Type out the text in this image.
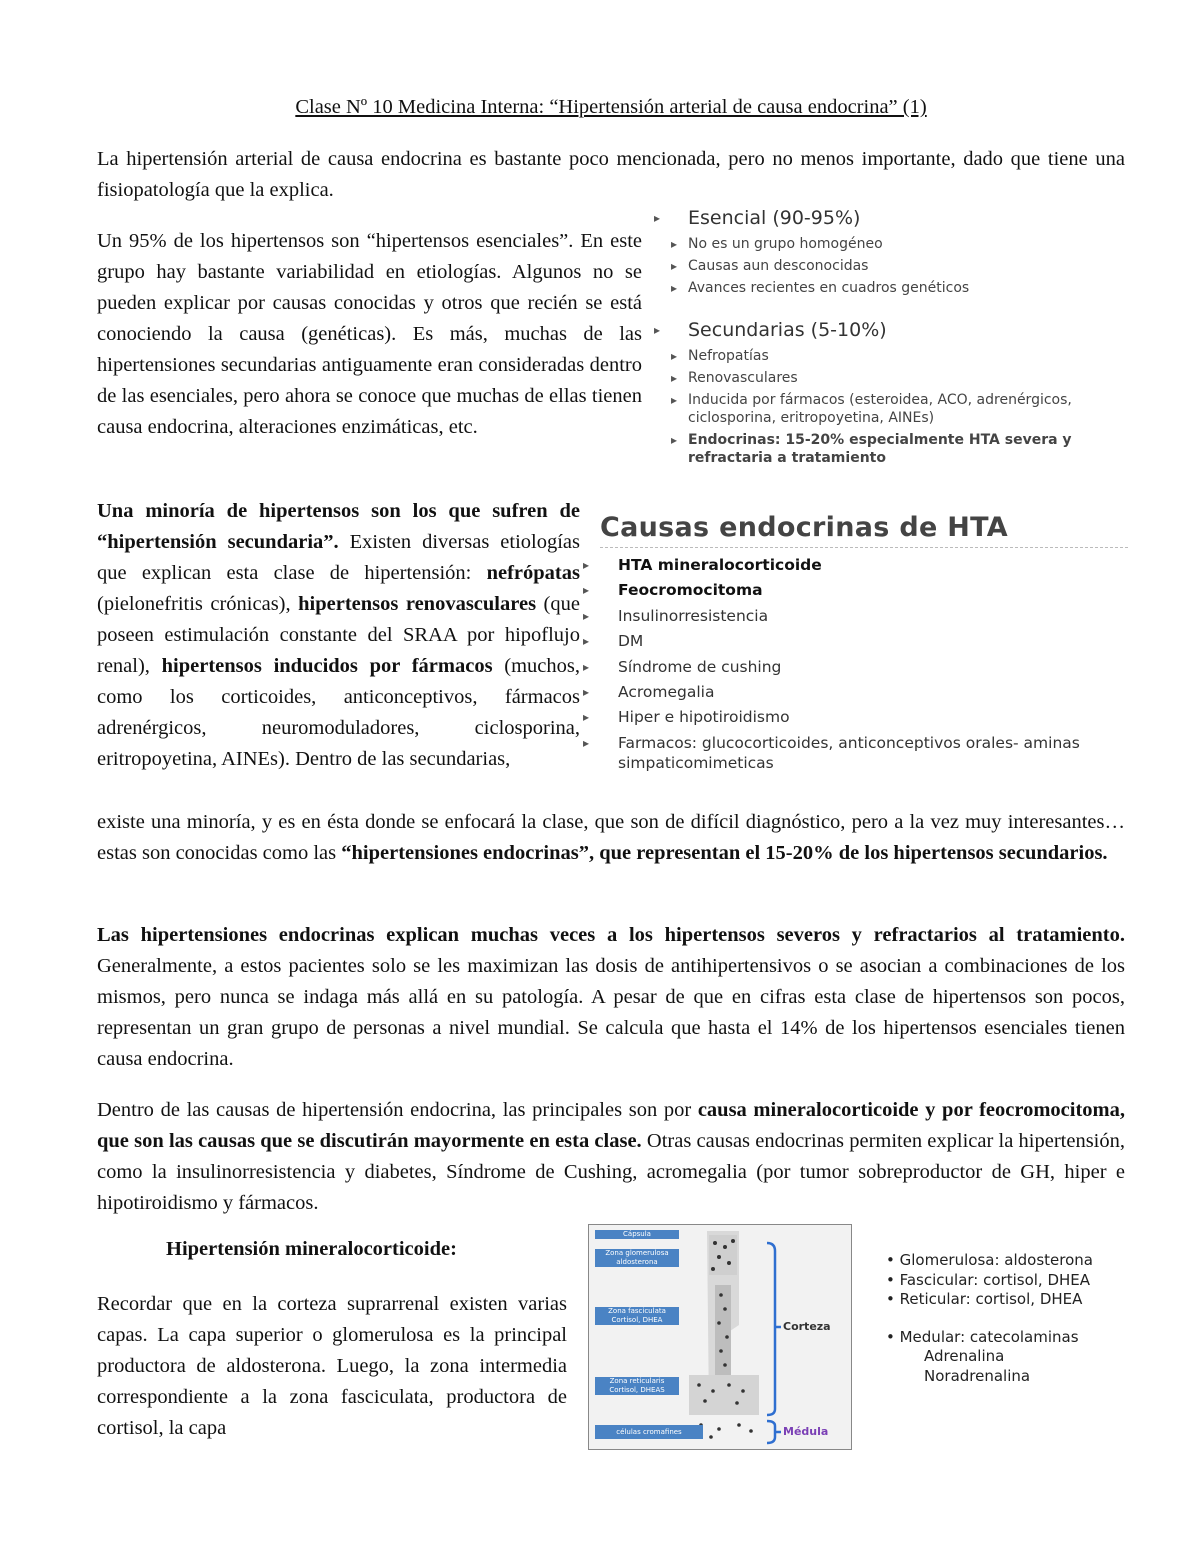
Clase Nº 10 Medicina Interna: “Hipertensión arterial de causa endocrina” (1)

La hipertensión arterial de causa endocrina es bastante poco mencionada, pero no menos importante, dado que tiene una fisiopatología que la explica.

Un 95% de los hipertensos son “hipertensos esenciales”. En este grupo hay bastante variabilidad en etiologías. Algunos no se pueden explicar por causas conocidas y otros que recién se está conociendo la causa (genéticas). Es más, muchas de las hipertensiones secundarias antiguamente eran consideradas dentro de las esenciales, pero ahora se conoce que muchas de ellas tienen causa endocrina, alteraciones enzimáticas, etc.

▸ Esencial (90-95%)
▸ No es un grupo homogéneo
▸ Causas aun desconocidas
▸ Avances recientes en cuadros genéticos
▸ Secundarias (5-10%)
▸ Nefropatías
▸ Renovasculares
▸ Inducida por fármacos (esteroidea, ACO, adrenérgicos, ciclosporina, eritropoyetina, AINEs)
▸ Endocrinas: 15-20% especialmente HTA severa y refractaria a tratamiento

Una minoría de hipertensos son los que sufren de “hipertensión secundaria”. Existen diversas etiologías que explican esta clase de hipertensión: nefrópatas (pielonefritis crónicas), hipertensos renovasculares (que poseen estimulación constante del SRAA por hipoflujo renal), hipertensos inducidos por fármacos (muchos, como los corticoides, anticonceptivos, fármacos adrenérgicos, neuromoduladores, ciclosporina, eritropoyetina, AINEs). Dentro de las secundarias,

Causas endocrinas de HTA
▸ HTA mineralocorticoide
▸ Feocromocitoma
▸ Insulinorresistencia
▸ DM
▸ Síndrome de cushing
▸ Acromegalia
▸ Hiper e hipotiroidismo
▸ Farmacos: glucocorticoides, anticonceptivos orales- aminas simpaticomimeticas

existe una minoría, y es en ésta donde se enfocará la clase, que son de difícil diagnóstico, pero a la vez muy interesantes…estas son conocidas como las “hipertensiones endocrinas”, que representan el 15-20% de los hipertensos secundarios.

Las hipertensiones endocrinas explican muchas veces a los hipertensos severos y refractarios al tratamiento. Generalmente, a estos pacientes solo se les maximizan las dosis de antihipertensivos o se asocian a combinaciones de los mismos, pero nunca se indaga más allá en su patología. A pesar de que en cifras esta clase de hipertensos son pocos, representan un gran grupo de personas a nivel mundial. Se calcula que hasta el 14% de los hipertensos esenciales tienen causa endocrina.

Dentro de las causas de hipertensión endocrina, las principales son por causa mineralocorticoide y por feocromocitoma, que son las causas que se discutirán mayormente en esta clase. Otras causas endocrinas permiten explicar la hipertensión, como la insulinorresistencia y diabetes, Síndrome de Cushing, acromegalia (por tumor sobreproductor de GH, hiper e hipotiroidismo y fármacos.

Hipertensión mineralocorticoide:

Recordar que en la corteza suprarrenal existen varias capas. La capa superior o glomerulosa es la principal productora de aldosterona. Luego, la zona intermedia correspondiente a la zona fasciculata, productora de cortisol, la capa

Cápsula
Zona glomerulosa aldosterona
Zona fasciculata Cortisol, DHEA
Zona reticularis Cortisol, DHEAS
células cromafines
Corteza
Médula
• Glomerulosa: aldosterona
• Fascicular: cortisol, DHEA
• Reticular: cortisol, DHEA
• Medular: catecolaminas
Adrenalina
Noradrenalina
